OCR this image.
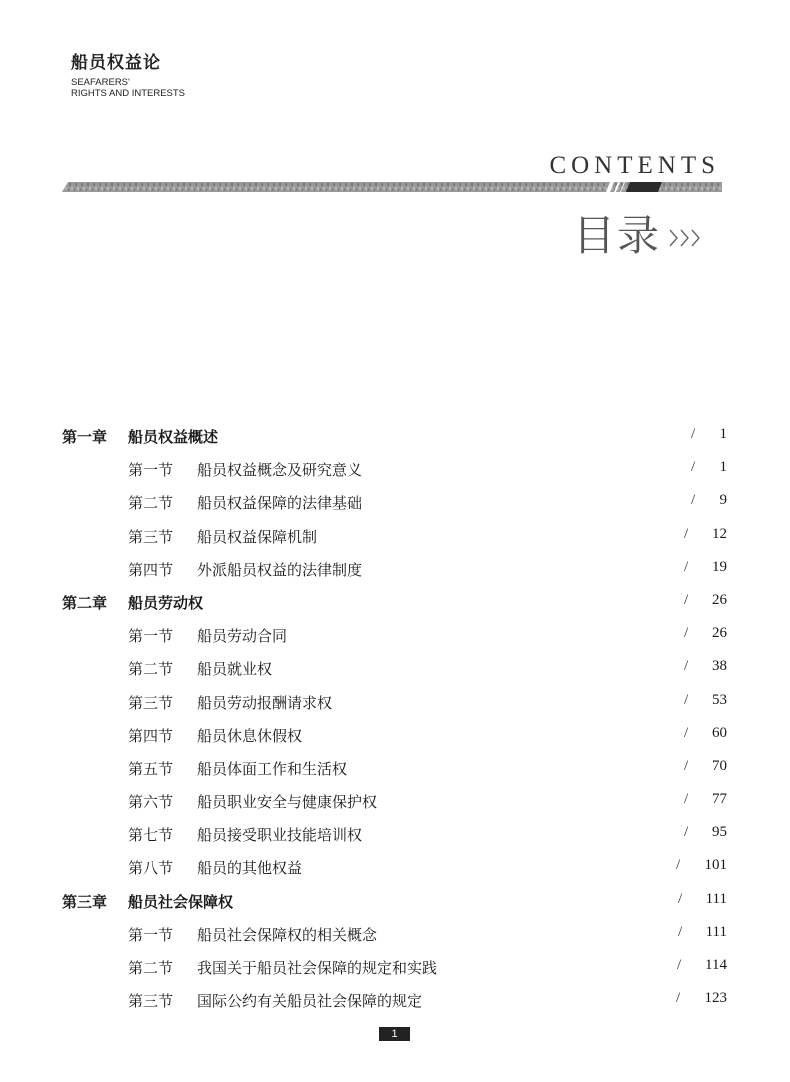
船员权益论
SEAFARERS'
RIGHTS AND INTERESTS
CONTENTS
目录
第一章 船员权益概述	/ 1
第一节 船员权益概念及研究意义	/ 1
第二节 船员权益保障的法律基础	/ 9
第三节 船员权益保障机制	/ 12
第四节 外派船员权益的法律制度	/ 19
第二章 船员劳动权	/ 26
第一节 船员劳动合同	/ 26
第二节 船员就业权	/ 38
第三节 船员劳动报酬请求权	/ 53
第四节 船员休息休假权	/ 60
第五节 船员体面工作和生活权	/ 70
第六节 船员职业安全与健康保护权	/ 77
第七节 船员接受职业技能培训权	/ 95
第八节 船员的其他权益	/ 101
第三章 船员社会保障权	/ 111
第一节 船员社会保障权的相关概念	/ 111
第二节 我国关于船员社会保障的规定和实践	/ 114
第三节 国际公约有关船员社会保障的规定	/ 123
1
